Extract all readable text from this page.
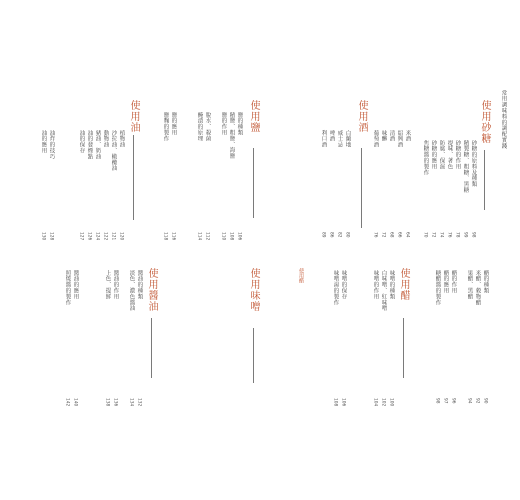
常用調味料的調配實踐
使用砂糖
砂糖的原料及種類
精製糖、粗糖、黑糖
砂糖的作用
提味、著色
防腐、保濕
砂糖的應用
焦糖醬的製作
98
99
78
76
74
72
70
使用酒
米酒
紹興酒
清酒
味醂
葡萄酒
白蘭地
威士忌
啤酒
利口酒
64
66
68
72
76
80
82
86
89
使用鹽
鹽的種類
精鹽、粗鹽、海鹽
鹽的作用
脫水、殺菌
醃漬的原理
鹽的應用
鹽麴的製作
106
108
110
112
114
116
118
使用油
植物油
沙拉油、橄欖油
動物油
豬油、奶油
油的發煙點
油的保存
油炸的技巧
油的應用
120
121
122
124
126
127
128
130
醋的種類
米醋、穀物醋
果醋、黑醋
醋的作用
醋的應用
糖醋醬的製作
90
92
94
96
97
98
使用醋
味噌的種類
白味噌、紅味噌
味噌的作用
味噌的保存
味噌湯的製作
100
102
104
106
108
使用醋
使用味噌
使用醬油
醬油的種類
淡色、濃色醬油
醬油的作用
上色、提鮮
醬油的應用
照燒醬的製作
132
134
136
138
140
142
